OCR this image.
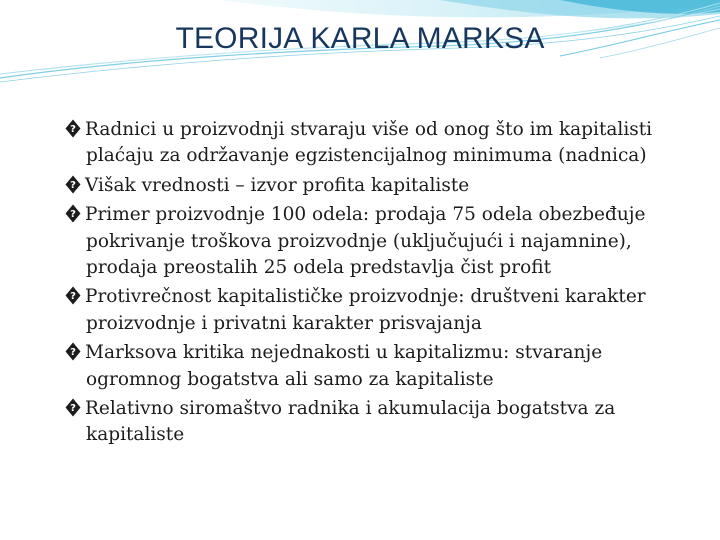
TEORIJA KARLA MARKSA
? Radnici u proizvodnji stvaraju više od onog što im kapitalisti plaćaju za održavanje egzistencijalnog minimuma (nadnica)
? Višak vrednosti – izvor profita kapitaliste
? Primer proizvodnje 100 odela: prodaja 75 odela obezbeđuje pokrivanje troškova proizvodnje (uključujući i najamnine), prodaja preostalih 25 odela predstavlja čist profit
? Protivrečnost kapitalističke proizvodnje: društveni karakter proizvodnje i privatni karakter prisvajanja
? Marksova kritika nejednakosti u kapitalizmu: stvaranje ogromnog bogatstva ali samo za kapitaliste
? Relativno siromaštvo radnika i akumulacija bogatstva za kapitaliste
